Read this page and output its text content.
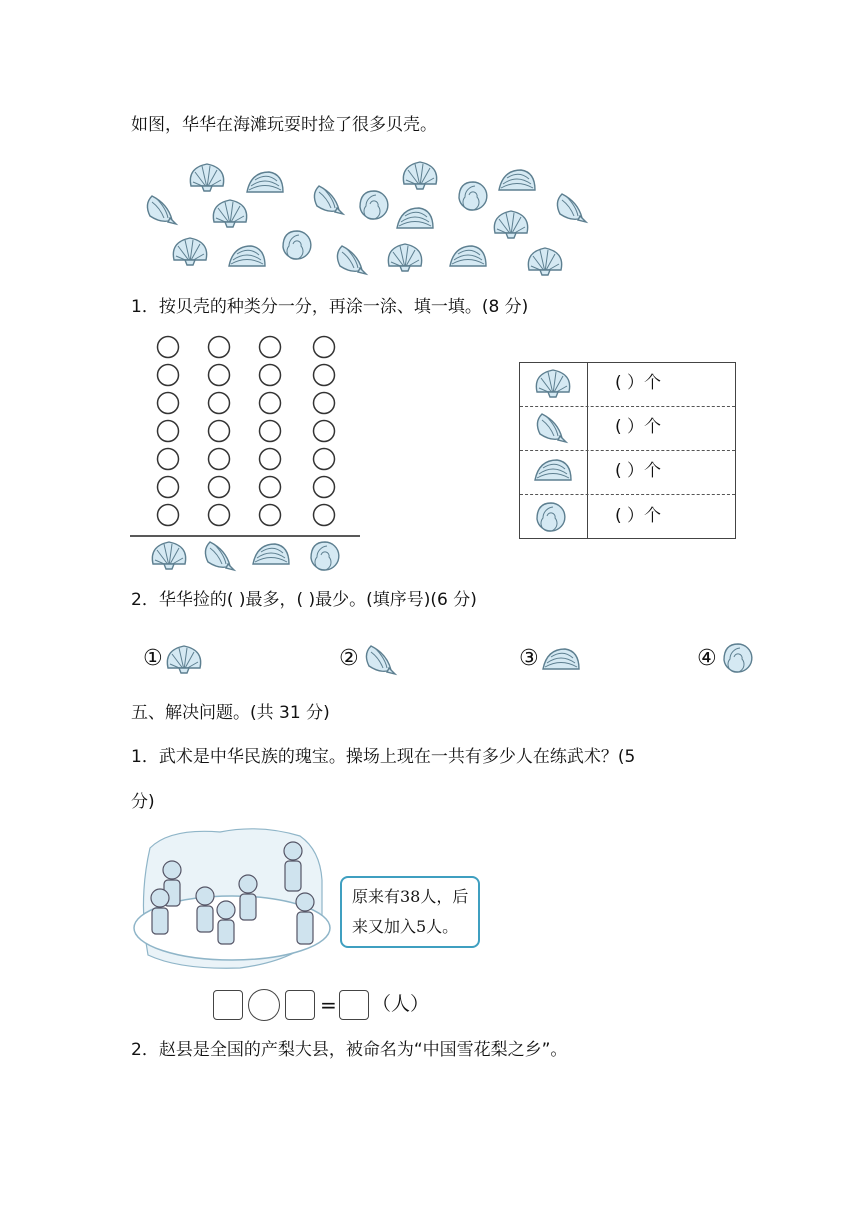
如图，华华在海滩玩耍时捡了很多贝壳。
1．按贝壳的种类分一分，再涂一涂、填一填。(8 分)
( ）个
( ）个
( ）个
( ）个
2．华华捡的( )最多，( )最少。(填序号)(6 分)
①	②	③	④
五、解决问题。(共 31 分)
1．武术是中华民族的瑰宝。操场上现在一共有多少人在练武术？(5
分)
原来有38人，后
来又加入5人。
= （人）
2．赵县是全国的产梨大县，被命名为“中国雪花梨之乡”。
